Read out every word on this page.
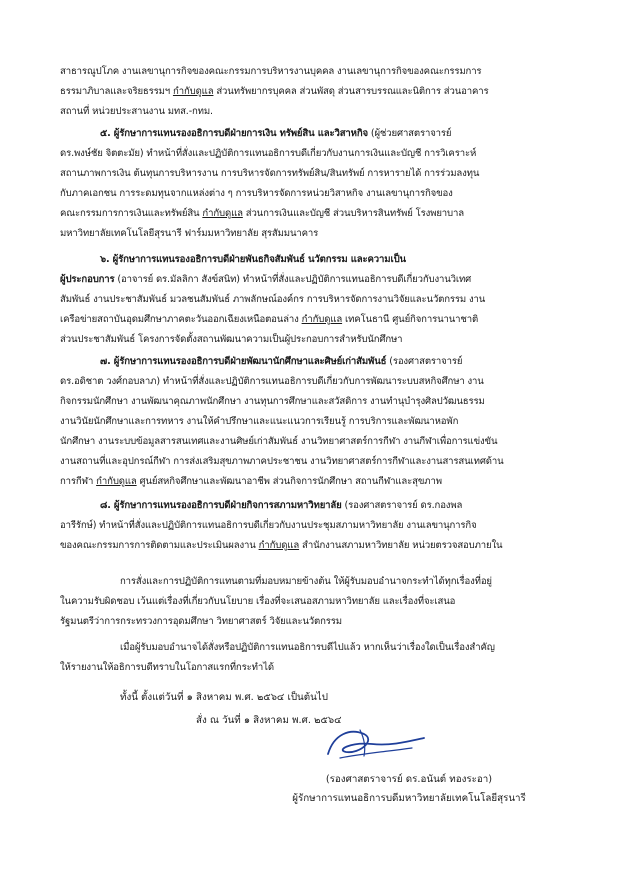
สาธารณูปโภค งานเลขานุการกิจของคณะกรรมการบริหารงานบุคคล งานเลขานุการกิจของคณะกรรมการ
ธรรมาภิบาลและจริยธรรมฯ กำกับดูแล ส่วนทรัพยากรบุคคล ส่วนพัสดุ ส่วนสารบรรณและนิติการ ส่วนอาคาร
สถานที่ หน่วยประสานงาน มทส.-กทม.
๕. ผู้รักษาการแทนรองอธิการบดีฝ่ายการเงิน ทรัพย์สิน และวิสาหกิจ (ผู้ช่วยศาสตราจารย์
ดร.พงษ์ชัย จิตตะมัย) ทำหน้าที่สั่งและปฏิบัติการแทนอธิการบดีเกี่ยวกับงานการเงินและบัญชี การวิเคราะห์
สถานภาพการเงิน ต้นทุนการบริหารงาน การบริหารจัดการทรัพย์สิน/สินทรัพย์ การหารายได้ การร่วมลงทุน
กับภาคเอกชน การระดมทุนจากแหล่งต่าง ๆ การบริหารจัดการหน่วยวิสาหกิจ งานเลขานุการกิจของ
คณะกรรมการการเงินและทรัพย์สิน กำกับดูแล ส่วนการเงินและบัญชี ส่วนบริหารสินทรัพย์ โรงพยาบาล
มหาวิทยาลัยเทคโนโลยีสุรนารี ฟาร์มมหาวิทยาลัย สุรสัมมนาคาร
๖. ผู้รักษาการแทนรองอธิการบดีฝ่ายพันธกิจสัมพันธ์ นวัตกรรม และความเป็น
ผู้ประกอบการ (อาจารย์ ดร.มัลลิกา สังข์สนิท) ทำหน้าที่สั่งและปฏิบัติการแทนอธิการบดีเกี่ยวกับงานวิเทศ
สัมพันธ์ งานประชาสัมพันธ์ มวลชนสัมพันธ์ ภาพลักษณ์องค์กร การบริหารจัดการงานวิจัยและนวัตกรรม งาน
เครือข่ายสถาบันอุดมศึกษาภาคตะวันออกเฉียงเหนือตอนล่าง กำกับดูแล เทคโนธานี ศูนย์กิจการนานาชาติ
ส่วนประชาสัมพันธ์ โครงการจัดตั้งสถานพัฒนาความเป็นผู้ประกอบการสำหรับนักศึกษา
๗. ผู้รักษาการแทนรองอธิการบดีฝ่ายพัฒนานักศึกษาและศิษย์เก่าสัมพันธ์ (รองศาสตราจารย์
ดร.อดิชาต วงศ์กอบลาภ) ทำหน้าที่สั่งและปฏิบัติการแทนอธิการบดีเกี่ยวกับการพัฒนาระบบสหกิจศึกษา งาน
กิจกรรมนักศึกษา งานพัฒนาคุณภาพนักศึกษา งานทุนการศึกษาและสวัสดิการ งานทำนุบำรุงศิลปวัฒนธรรม
งานวินัยนักศึกษาและการทหาร งานให้คำปรึกษาและแนะแนวการเรียนรู้ การบริการและพัฒนาหอพัก
นักศึกษา งานระบบข้อมูลสารสนเทศและงานศิษย์เก่าสัมพันธ์ งานวิทยาศาสตร์การกีฬา งานกีฬาเพื่อการแข่งขัน
งานสถานที่และอุปกรณ์กีฬา การส่งเสริมสุขภาพภาคประชาชน งานวิทยาศาสตร์การกีฬาและงานสารสนเทศด้าน
การกีฬา กำกับดูแล ศูนย์สหกิจศึกษาและพัฒนาอาชีพ ส่วนกิจการนักศึกษา สถานกีฬาและสุขภาพ
๘. ผู้รักษาการแทนรองอธิการบดีฝ่ายกิจการสภามหาวิทยาลัย (รองศาสตราจารย์ ดร.กองพล
อารีรักษ์) ทำหน้าที่สั่งและปฏิบัติการแทนอธิการบดีเกี่ยวกับงานประชุมสภามหาวิทยาลัย งานเลขานุการกิจ
ของคณะกรรมการการติดตามและประเมินผลงาน กำกับดูแล สำนักงานสภามหาวิทยาลัย หน่วยตรวจสอบภายใน
การสั่งและการปฏิบัติการแทนตามที่มอบหมายข้างต้น ให้ผู้รับมอบอำนาจกระทำได้ทุกเรื่องที่อยู่
ในความรับผิดชอบ เว้นแต่เรื่องที่เกี่ยวกับนโยบาย เรื่องที่จะเสนอสภามหาวิทยาลัย และเรื่องที่จะเสนอ
รัฐมนตรีว่าการกระทรวงการอุดมศึกษา วิทยาศาสตร์ วิจัยและนวัตกรรม
เมื่อผู้รับมอบอำนาจได้สั่งหรือปฏิบัติการแทนอธิการบดีไปแล้ว หากเห็นว่าเรื่องใดเป็นเรื่องสำคัญ
ให้รายงานให้อธิการบดีทราบในโอกาสแรกที่กระทำได้
ทั้งนี้ ตั้งแต่วันที่ ๑ สิงหาคม พ.ศ. ๒๕๖๔ เป็นต้นไป
สั่ง ณ วันที่ ๑ สิงหาคม พ.ศ. ๒๕๖๔
(รองศาสตราจารย์ ดร.อนันต์ ทองระอา)
ผู้รักษาการแทนอธิการบดีมหาวิทยาลัยเทคโนโลยีสุรนารี
